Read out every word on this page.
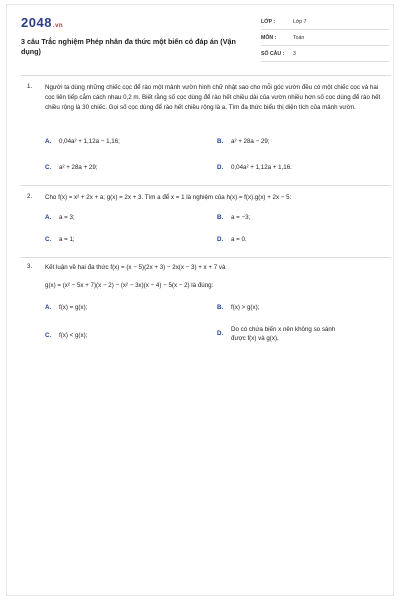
2048.vn
3 câu Trắc nghiệm Phép nhân đa thức một biến có đáp án (Vận dụng)
LỚP :	Lớp 7
MÔN :	Toán
SỐ CÂU : 3
1. Người ta dùng những chiếc cọc để rào một mảnh vườn hình chữ nhật sao cho mỗi góc vườn đều có một chiếc cọc và hai cọc liên tiếp cắm cách nhau 0,2 m. Biết rằng số cọc dùng để rào hết chiều dài của vườn nhiều hơn số cọc dùng để rào hết chiều rộng là 30 chiếc. Gọi số cọc dùng để rào hết chiều rộng là a. Tìm đa thức biểu thị diện tích của mảnh vườn.
A. 0,04a² + 1,12a − 1,16;	B. a² + 28a − 29;
C. a² + 28a + 29;	D. 0,04a² + 1,12a + 1,16.
2. Cho f(x) = x² + 2x + a; g(x) = 2x + 3. Tìm a để x = 1 là nghiệm của h(x) = f(x).g(x) + 2x − 5:
A. a = 3;	B. a = −3;
C. a = 1;	D. a = 0.
3. Kết luận về hai đa thức f(x) = (x − 5)(2x + 3) − 2x(x − 3) + x + 7 và
g(x) = (x² − 5x + 7)(x − 2) − (x² − 3x)(x − 4) − 5(x − 2) là đúng:
A. f(x) = g(x);	B. f(x) > g(x);
C. f(x) < g(x);	D.Do có chứa biến x nên không so sánh được f(x) và g(x).
